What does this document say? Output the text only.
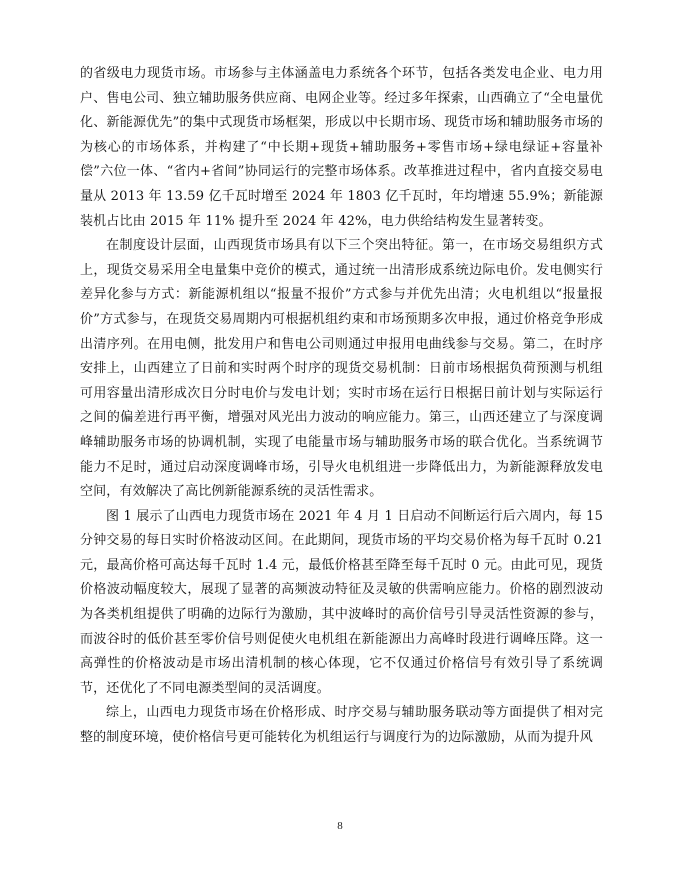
的省级电力现货市场。市场参与主体涵盖电力系统各个环节，包括各类发电企业、电力用户、售电公司、独立辅助服务供应商、电网企业等。经过多年探索，山西确立了“全电量优化、新能源优先”的集中式现货市场框架，形成以中长期市场、现货市场和辅助服务市场的为核心的市场体系，并构建了“中长期+现货+辅助服务+零售市场+绿电绿证+容量补偿”六位一体、“省内+省间”协同运行的完整市场体系。改革推进过程中，省内直接交易电量从 2013 年 13.59 亿千瓦时增至 2024 年 1803 亿千瓦时，年均增速 55.9%；新能源装机占比由 2015 年 11% 提升至 2024 年 42%，电力供给结构发生显著转变。

在制度设计层面，山西现货市场具有以下三个突出特征。第一，在市场交易组织方式上，现货交易采用全电量集中竞价的模式，通过统一出清形成系统边际电价。发电侧实行差异化参与方式：新能源机组以“报量不报价”方式参与并优先出清；火电机组以“报量报价”方式参与，在现货交易周期内可根据机组约束和市场预期多次申报，通过价格竞争形成出清序列。在用电侧，批发用户和售电公司则通过申报用电曲线参与交易。第二，在时序安排上，山西建立了日前和实时两个时序的现货交易机制：日前市场根据负荷预测与机组可用容量出清形成次日分时电价与发电计划；实时市场在运行日根据日前计划与实际运行之间的偏差进行再平衡，增强对风光出力波动的响应能力。第三，山西还建立了与深度调峰辅助服务市场的协调机制，实现了电能量市场与辅助服务市场的联合优化。当系统调节能力不足时，通过启动深度调峰市场，引导火电机组进一步降低出力，为新能源释放发电空间，有效解决了高比例新能源系统的灵活性需求。

图 1 展示了山西电力现货市场在 2021 年 4 月 1 日启动不间断运行后六周内，每 15 分钟交易的每日实时价格波动区间。在此期间，现货市场的平均交易价格为每千瓦时 0.21 元，最高价格可高达每千瓦时 1.4 元，最低价格甚至降至每千瓦时 0 元。由此可见，现货价格波动幅度较大，展现了显著的高频波动特征及灵敏的供需响应能力。价格的剧烈波动为各类机组提供了明确的边际行为激励，其中波峰时的高价信号引导灵活性资源的参与，而波谷时的低价甚至零价信号则促使火电机组在新能源出力高峰时段进行调峰压降。这一高弹性的价格波动是市场出清机制的核心体现，它不仅通过价格信号有效引导了系统调节，还优化了不同电源类型间的灵活调度。

综上，山西电力现货市场在价格形成、时序交易与辅助服务联动等方面提供了相对完整的制度环境，使价格信号更可能转化为机组运行与调度行为的边际激励，从而为提升风

8
